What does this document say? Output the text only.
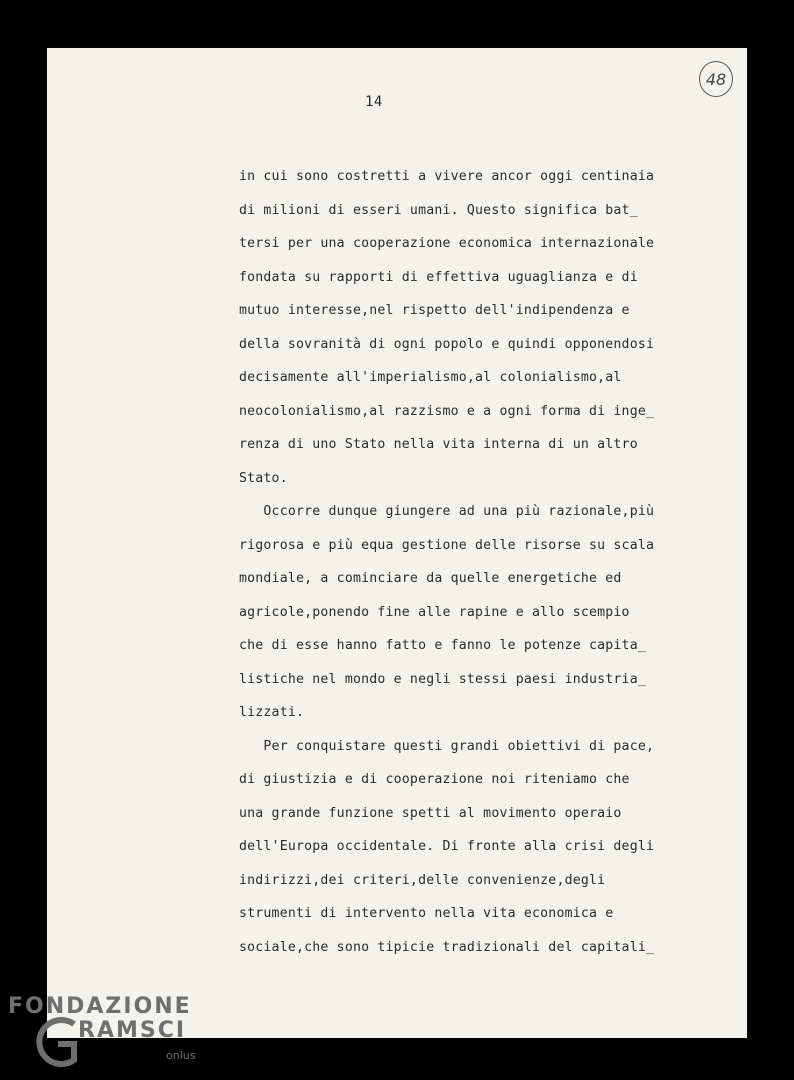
48
14
in cui sono costretti a vivere ancor oggi centinaia
di milioni di esseri umani. Questo significa bat_
tersi per una cooperazione economica internazionale
fondata su rapporti di effettiva uguaglianza e di
mutuo interesse,nel rispetto dell'indipendenza e
della sovranità di ogni popolo e quindi opponendosi
decisamente all'imperialismo,al colonialismo,al
neocolonialismo,al razzismo e a ogni forma di inge_
renza di uno Stato nella vita interna di un altro
Stato.
Occorre dunque giungere ad una più razionale,più
rigorosa e più equa gestione delle risorse su scala
mondiale, a cominciare da quelle energetiche ed
agricole,ponendo fine alle rapine e allo scempio
che di esse hanno fatto e fanno le potenze capita_
listiche nel mondo e negli stessi paesi industria_
lizzati.
Per conquistare questi grandi obiettivi di pace,
di giustizia e di cooperazione noi riteniamo che
una grande funzione spetti al movimento operaio
dell'Europa occidentale. Di fronte alla crisi degli
indirizzi,dei criteri,delle convenienze,degli
strumenti di intervento nella vita economica e
sociale,che sono tipicie tradizionali del capitali_
FONDAZIONE
RAMSCI
onlus
